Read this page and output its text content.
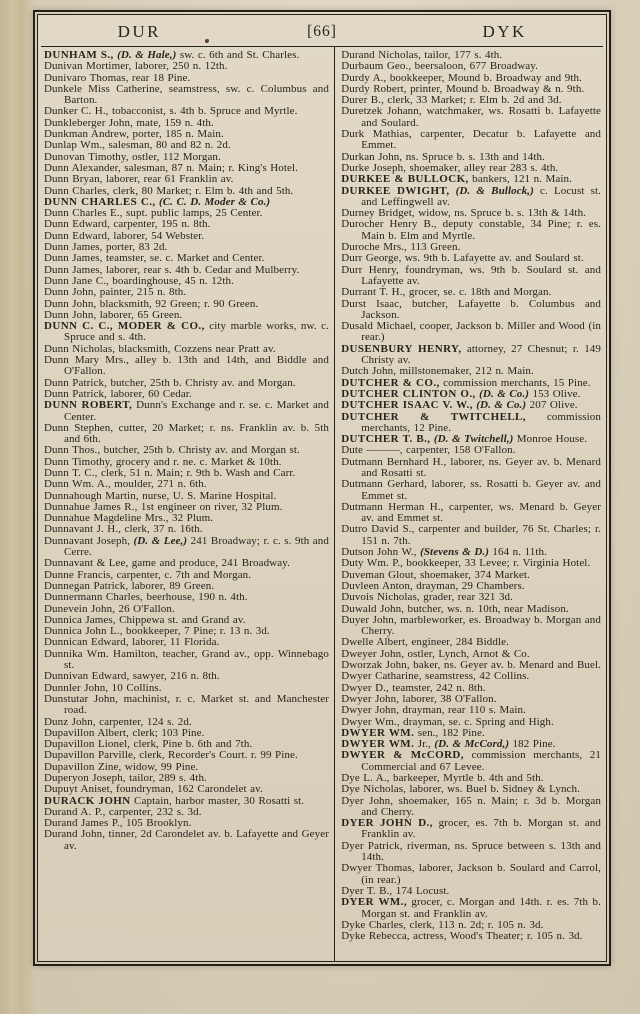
DUR	[66]	DYK
DUNHAM S., (D. & Hale,) sw. c. 6th and St. Charles.
Dunivan Mortimer, laborer, 250 n. 12th.
Dunivaro Thomas, rear 18 Pine.
Dunkele Miss Catherine, seamstress, sw. c. Columbus and Barton.
Dunker C. H., tobacconist, s. 4th b. Spruce and Myrtle.
Dunkleberger John, mate, 159 n. 4th.
Dunkman Andrew, porter, 185 n. Main.
Dunlap Wm., salesman, 80 and 82 n. 2d.
Dunovan Timothy, ostler, 112 Morgan.
Dunn Alexander, salesman, 87 n. Main; r. King's Hotel.
Dunn Bryan, laborer, rear 61 Franklin av.
Dunn Charles, clerk, 80 Market; r. Elm b. 4th and 5th.
DUNN CHARLES C., (C. C. D. Moder & Co.)
Dunn Charles E., supt. public lamps, 25 Center.
Dunn Edward, carpenter, 195 n. 8th.
Dunn Edward, laborer, 54 Webster.
Dunn James, porter, 83 2d.
Dunn James, teamster, se. c. Market and Center.
Dunn James, laborer, rear s. 4th b. Cedar and Mulberry.
Dunn Jane C., boardinghouse, 45 n. 12th.
Dunn John, painter, 215 n. 8th.
Dunn John, blacksmith, 92 Green; r. 90 Green.
Dunn John, laborer, 65 Green.
DUNN C. C., MODER & CO., city marble works, nw. c. Spruce and s. 4th.
Dunn Nicholas, blacksmith, Cozzens near Pratt av.
Dunn Mary Mrs., alley b. 13th and 14th, and Biddle and O'Fallon.
Dunn Patrick, butcher, 25th b. Christy av. and Morgan.
Dunn Patrick, laborer, 60 Cedar.
DUNN ROBERT, Dunn's Exchange and r. se. c. Market and Center.
Dunn Stephen, cutter, 20 Market; r. ns. Franklin av. b. 5th and 6th.
Dunn Thos., butcher, 25th b. Christy av. and Morgan st.
Dunn Timothy, grocery and r. ne. c. Market & 10th.
Dunn T. C., clerk, 51 n. Main; r. 9th b. Wash and Carr.
Dunn Wm. A., moulder, 271 n. 6th.
Dunnahough Martin, nurse, U. S. Marine Hospital.
Dunnahue James R., 1st engineer on river, 32 Plum.
Dunnahue Magdeline Mrs., 32 Plum.
Dunnavant J. H., clerk, 37 n. 16th.
Dunnavant Joseph, (D. & Lee,) 241 Broadway; r. c. s. 9th and Cerre.
Dunnavant & Lee, game and produce, 241 Broadway.
Dunne Francis, carpenter, c. 7th and Morgan.
Dunnegan Patrick, laborer, 89 Green.
Dunnermann Charles, beerhouse, 190 n. 4th.
Dunevein John, 26 O'Fallon.
Dunnica James, Chippewa st. and Grand av.
Dunnica John L., bookkeeper, 7 Pine; r. 13 n. 3d.
Dunnican Edward, laborer, 11 Florida.
Dunnika Wm. Hamilton, teacher, Grand av., opp. Winnebago st.
Dunnivan Edward, sawyer, 216 n. 8th.
Dunnler John, 10 Collins.
Dunstutar John, machinist, r. c. Market st. and Manchester road.
Dunz John, carpenter, 124 s. 2d.
Dupavillon Albert, clerk; 103 Pine.
Dupavillon Lionel, clerk, Pine b. 6th and 7th.
Dupavillon Parville, clerk, Recorder's Court. r. 99 Pine.
Dupavillon Zine, widow, 99 Pine.
Duperyon Joseph, tailor, 289 s. 4th.
Dupuyt Aniset, foundryman, 162 Carondelet av.
DURACK JOHN Captain, harbor master, 30 Rosatti st.
Durand A. P., carpenter, 232 s. 3d.
Durand James P., 105 Brooklyn.
Durand John, tinner, 2d Carondelet av. b. Lafayette and Geyer av.
Durand Nicholas, tailor, 177 s. 4th.
Durbaum Geo., beersaloon, 677 Broadway.
Durdy A., bookkeeper, Mound b. Broadway and 9th.
Durdy Robert, printer, Mound b. Broadway & n. 9th.
Durer B., clerk, 33 Market; r. Elm b. 2d and 3d.
Duretzek Johann, watchmaker, ws. Rosatti b. Lafayette and Soulard.
Durk Mathias, carpenter, Decatur b. Lafayette and Emmet.
Durkan John, ns. Spruce b. s. 13th and 14th.
Durke Joseph, shoemaker, alley rear 283 s. 4th.
DURKEE & BULLOCK, bankers, 121 n. Main.
DURKEE DWIGHT, (D. & Bullock,) c. Locust st. and Leffingwell av.
Durney Bridget, widow, ns. Spruce b. s. 13th & 14th.
Durocher Henry B., deputy constable, 34 Pine; r. es. Main b. Elm and Myrtle.
Duroche Mrs., 113 Green.
Durr George, ws. 9th b. Lafayette av. and Soulard st.
Durr Henry, foundryman, ws. 9th b. Soulard st. and Lafayette av.
Durrant T. H., grocer, se. c. 18th and Morgan.
Durst Isaac, butcher, Lafayette b. Columbus and Jackson.
Dusald Michael, cooper, Jackson b. Miller and Wood (in rear.)
DUSENBURY HENRY, attorney, 27 Chesnut; r. 149 Christy av.
Dutch John, millstonemaker, 212 n. Main.
DUTCHER & CO., commission merchants, 15 Pine.
DUTCHER CLINTON O., (D. & Co.) 153 Olive.
DUTCHER ISAAC V. W., (D. & Co.) 207 Olive.
DUTCHER & TWITCHELL, commission merchants, 12 Pine.
DUTCHER T. B., (D. & Twitchell,) Monroe House.
Dute ———, carpenter, 158 O'Fallon.
Dutmann Bernhard H., laborer, ns. Geyer av. b. Menard and Rosatti st.
Dutmann Gerhard, laborer, ss. Rosatti b. Geyer av. and Emmet st.
Dutmann Herman H., carpenter, ws. Menard b. Geyer av. and Emmet st.
Dutro David S., carpenter and builder, 76 St. Charles; r. 151 n. 7th.
Dutson John W., (Stevens & D.) 164 n. 11th.
Duty Wm. P., bookkeeper, 33 Levee; r. Virginia Hotel.
Duveman Glout, shoemaker, 374 Market.
Duvleen Anton, drayman, 29 Chambers.
Duvois Nicholas, grader, rear 321 3d.
Duwald John, butcher, ws. n. 10th, near Madison.
Duyer John, marbleworker, es. Broadway b. Morgan and Cherry.
Dwelle Albert, engineer, 284 Biddle.
Dweyer John, ostler, Lynch, Arnot & Co.
Dworzak John, baker, ns. Geyer av. b. Menard and Buel.
Dwyer Catharine, seamstress, 42 Collins.
Dwyer D., teamster, 242 n. 8th.
Dwyer John, laborer, 38 O'Fallon.
Dwyer John, drayman, rear 110 s. Main.
Dwyer Wm., drayman, se. c. Spring and High.
DWYER WM. sen., 182 Pine.
DWYER WM. Jr., (D. & McCord,) 182 Pine.
DWYER & McCORD, commission merchants, 21 Commercial and 67 Levee.
Dye L. A., barkeeper, Myrtle b. 4th and 5th.
Dye Nicholas, laborer, ws. Buel b. Sidney & Lynch.
Dyer John, shoemaker, 165 n. Main; r. 3d b. Morgan and Cherry.
DYER JOHN D., grocer, es. 7th b. Morgan st. and Franklin av.
Dyer Patrick, riverman, ns. Spruce between s. 13th and 14th.
Dwyer Thomas, laborer, Jackson b. Soulard and Carrol, (in rear.)
Dyer T. B., 174 Locust.
DYER WM., grocer, c. Morgan and 14th. r. es. 7th b. Morgan st. and Franklin av.
Dyke Charles, clerk, 113 n. 2d; r. 105 n. 3d.
Dyke Rebecca, actress, Wood's Theater; r. 105 n. 3d.
